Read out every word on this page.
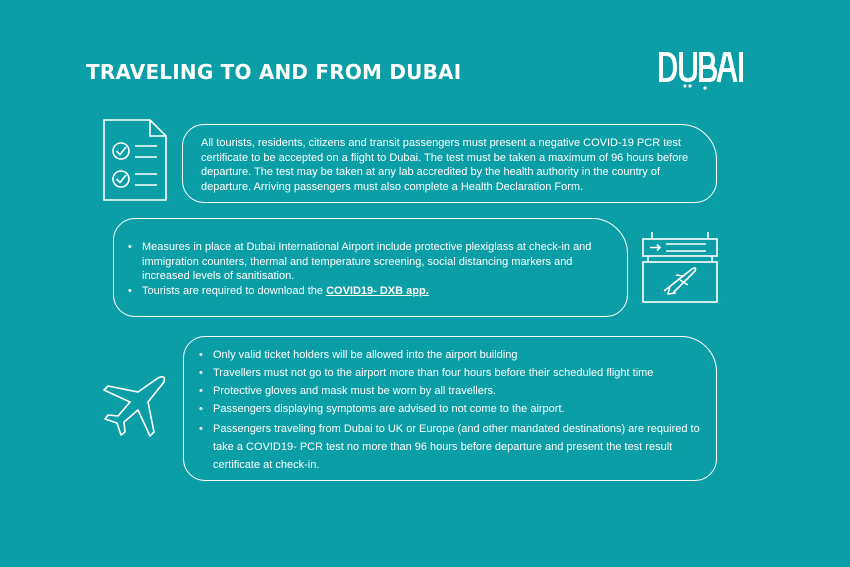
TRAVELING TO AND FROM DUBAI
All tourists, residents, citizens and transit passengers must present a negative COVID-19 PCR test certificate to be accepted on a flight to Dubai. The test must be taken a maximum of 96 hours before departure. The test may be taken at any lab accredited by the health authority in the country of departure. Arriving passengers must also complete a Health Declaration Form.
• Measures in place at Dubai International Airport include protective plexiglass at check-in and immigration counters, thermal and temperature screening, social distancing markers and increased levels of sanitisation.
• Tourists are required to download the COVID19- DXB app.
• Only valid ticket holders will be allowed into the airport building
• Travellers must not go to the airport more than four hours before their scheduled flight time
• Protective gloves and mask must be worn by all travellers.
• Passengers displaying symptoms are advised to not come to the airport.
• Passengers traveling from Dubai to UK or Europe (and other mandated destinations) are required to take a COVID19- PCR test no more than 96 hours before departure and present the test result certificate at check-in.
